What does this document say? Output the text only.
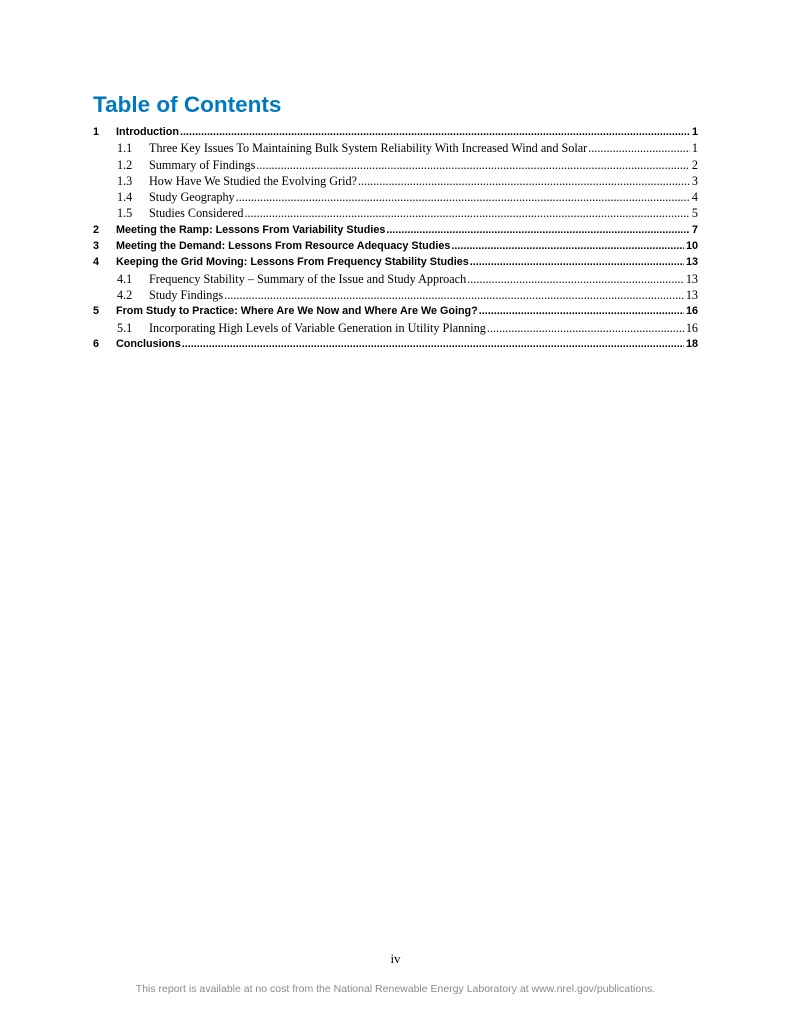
Table of Contents
1	Introduction .....	1
1.1	Three Key Issues To Maintaining Bulk System Reliability With Increased Wind and Solar .....	1
1.2	Summary of Findings .....	2
1.3	How Have We Studied the Evolving Grid? .....	3
1.4	Study Geography .....	4
1.5	Studies Considered .....	5
2	Meeting the Ramp: Lessons From Variability Studies .....	7
3	Meeting the Demand: Lessons From Resource Adequacy Studies .....	10
4	Keeping the Grid Moving: Lessons From Frequency Stability Studies .....	13
4.1	Frequency Stability – Summary of the Issue and Study Approach .....	13
4.2	Study Findings .....	13
5	From Study to Practice: Where Are We Now and Where Are We Going? .....	16
5.1	Incorporating High Levels of Variable Generation in Utility Planning .....	16
6	Conclusions .....	18
iv
This report is available at no cost from the National Renewable Energy Laboratory at www.nrel.gov/publications.
